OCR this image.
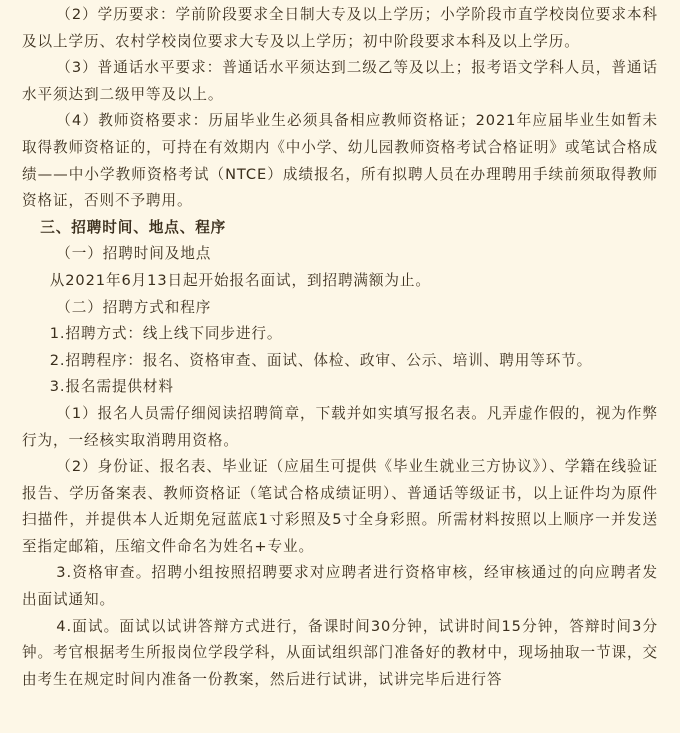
（2）学历要求：学前阶段要求全日制大专及以上学历；小学阶段市直学校岗位要求本科及以上学历、农村学校岗位要求大专及以上学历；初中阶段要求本科及以上学历。

（3）普通话水平要求：普通话水平须达到二级乙等及以上；报考语文学科人员，普通话水平须达到二级甲等及以上。

（4）教师资格要求：历届毕业生必须具备相应教师资格证；2021年应届毕业生如暂未取得教师资格证的，可持在有效期内《中小学、幼儿园教师资格考试合格证明》或笔试合格成绩——中小学教师资格考试（NTCE）成绩报名，所有拟聘人员在办理聘用手续前须取得教师资格证，否则不予聘用。

三、招聘时间、地点、程序

（一）招聘时间及地点

从2021年6月13日起开始报名面试，到招聘满额为止。

（二）招聘方式和程序

1.招聘方式：线上线下同步进行。

2.招聘程序：报名、资格审查、面试、体检、政审、公示、培训、聘用等环节。

3.报名需提供材料

（1）报名人员需仔细阅读招聘简章，下载并如实填写报名表。凡弄虚作假的，视为作弊行为，一经核实取消聘用资格。

（2）身份证、报名表、毕业证（应届生可提供《毕业生就业三方协议》）、学籍在线验证报告、学历备案表、教师资格证（笔试合格成绩证明）、普通话等级证书，以上证件均为原件扫描件，并提供本人近期免冠蓝底1寸彩照及5寸全身彩照。所需材料按照以上顺序一并发送至指定邮箱，压缩文件命名为姓名+专业。

3.资格审查。招聘小组按照招聘要求对应聘者进行资格审核，经审核通过的向应聘者发出面试通知。

4.面试。面试以试讲答辩方式进行，备课时间30分钟，试讲时间15分钟，答辩时间3分钟。考官根据考生所报岗位学段学科，从面试组织部门准备好的教材中，现场抽取一节课，交由考生在规定时间内准备一份教案，然后进行试讲，试讲完毕后进行答
